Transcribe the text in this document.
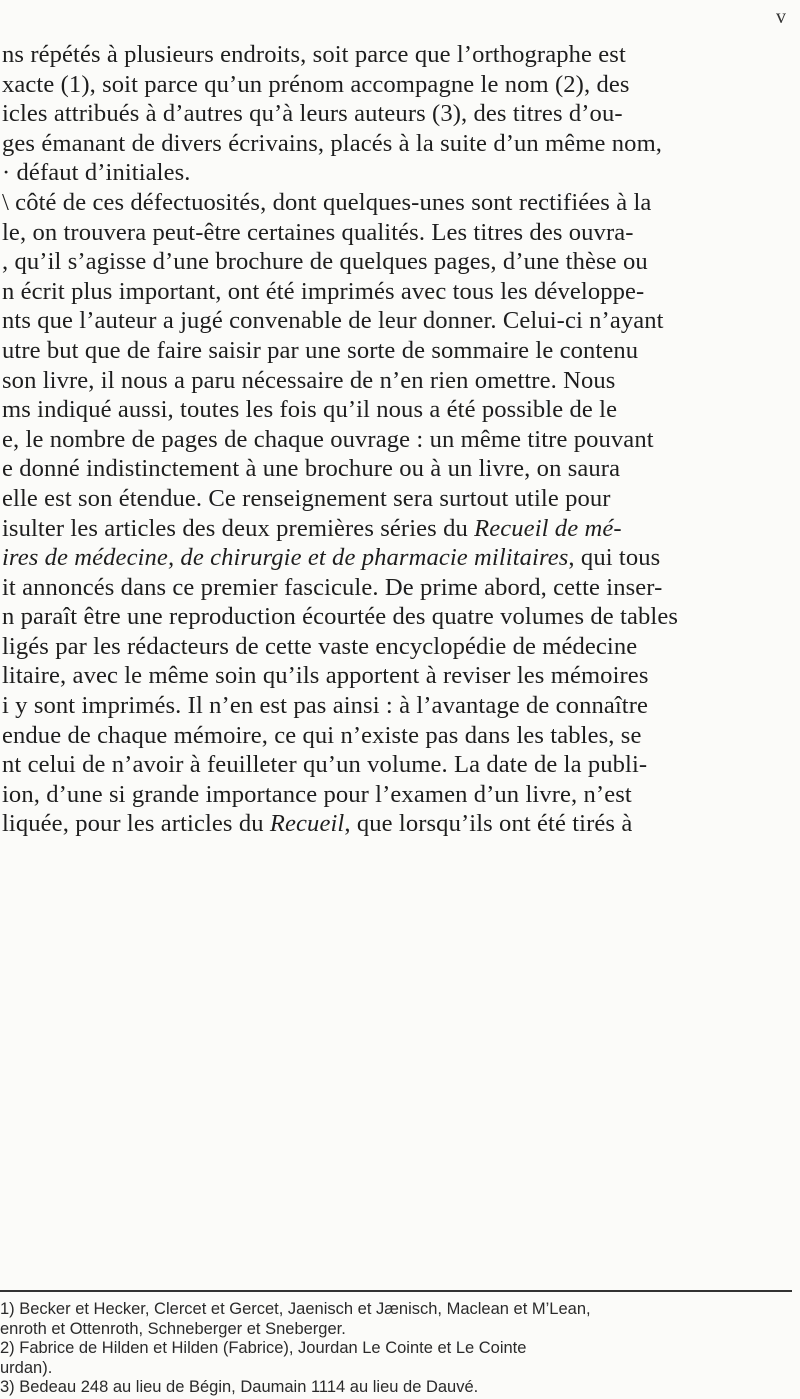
v
ns répétés à plusieurs endroits, soit parce que l’orthographe est
xacte (1), soit parce qu’un prénom accompagne le nom (2), des
icles attribués à d’autres qu’à leurs auteurs (3), des titres d’ou-
ges émanant de divers écrivains, placés à la suite d’un même nom,
· défaut d’initiales.
\ côté de ces défectuosités, dont quelques-unes sont rectifiées à la
le, on trouvera peut-être certaines qualités. Les titres des ouvra-
, qu’il s’agisse d’une brochure de quelques pages, d’une thèse ou
n écrit plus important, ont été imprimés avec tous les développe-
nts que l’auteur a jugé convenable de leur donner. Celui-ci n’ayant
utre but que de faire saisir par une sorte de sommaire le contenu
son livre, il nous a paru nécessaire de n’en rien omettre. Nous
ms indiqué aussi, toutes les fois qu’il nous a été possible de le
e, le nombre de pages de chaque ouvrage : un même titre pouvant
e donné indistinctement à une brochure ou à un livre, on saura
elle est son étendue. Ce renseignement sera surtout utile pour
isulter les articles des deux premières séries du Recueil de mé-
ires de médecine, de chirurgie et de pharmacie militaires, qui tous
it annoncés dans ce premier fascicule. De prime abord, cette inser-
n paraît être une reproduction écourtée des quatre volumes de tables
ligés par les rédacteurs de cette vaste encyclopédie de médecine
litaire, avec le même soin qu’ils apportent à reviser les mémoires
i y sont imprimés. Il n’en est pas ainsi : à l’avantage de connaître
endue de chaque mémoire, ce qui n’existe pas dans les tables, se
nt celui de n’avoir à feuilleter qu’un volume. La date de la publi-
ion, d’une si grande importance pour l’examen d’un livre, n’est
liquée, pour les articles du Recueil, que lorsqu’ils ont été tirés à
1) Becker et Hecker, Clercet et Gercet, Jaenisch et Jænisch, Maclean et M’Lean,
enroth et Ottenroth, Schneberger et Sneberger.
2) Fabrice de Hilden et Hilden (Fabrice), Jourdan Le Cointe et Le Cointe
urdan).
3) Bedeau 248 au lieu de Bégin, Daumain 1114 au lieu de Dauvé.
